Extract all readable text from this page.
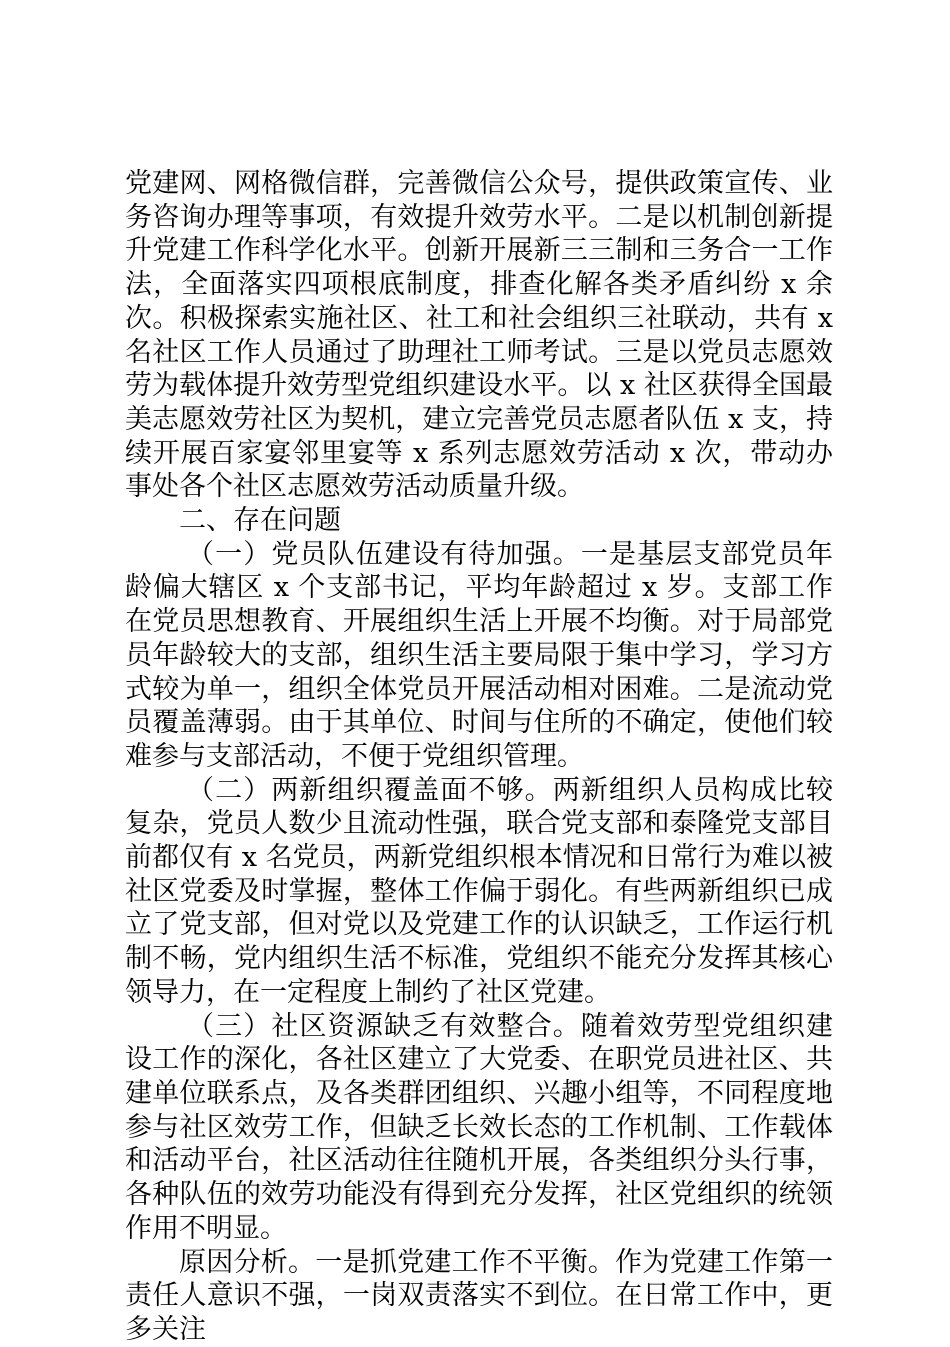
党建网、网格微信群，完善微信公众号，提供政策宣传、业务咨询办理等事项，有效提升效劳水平。二是以机制创新提升党建工作科学化水平。创新开展新三三制和三务合一工作法，全面落实四项根底制度，排查化解各类矛盾纠纷 x 余次。积极探索实施社区、社工和社会组织三社联动，共有 x 名社区工作人员通过了助理社工师考试。三是以党员志愿效劳为载体提升效劳型党组织建设水平。以 x 社区获得全国最美志愿效劳社区为契机，建立完善党员志愿者队伍 x 支，持续开展百家宴邻里宴等 x 系列志愿效劳活动 x 次，带动办事处各个社区志愿效劳活动质量升级。

二、存在问题

（一）党员队伍建设有待加强。一是基层支部党员年龄偏大辖区 x 个支部书记，平均年龄超过 x 岁。支部工作在党员思想教育、开展组织生活上开展不均衡。对于局部党员年龄较大的支部，组织生活主要局限于集中学习，学习方式较为单一，组织全体党员开展活动相对困难。二是流动党员覆盖薄弱。由于其单位、时间与住所的不确定，使他们较难参与支部活动，不便于党组织管理。

（二）两新组织覆盖面不够。两新组织人员构成比较复杂，党员人数少且流动性强，联合党支部和泰隆党支部目前都仅有 x 名党员，两新党组织根本情况和日常行为难以被社区党委及时掌握，整体工作偏于弱化。有些两新组织已成立了党支部，但对党以及党建工作的认识缺乏，工作运行机制不畅，党内组织生活不标准，党组织不能充分发挥其核心领导力，在一定程度上制约了社区党建。

（三）社区资源缺乏有效整合。随着效劳型党组织建设工作的深化，各社区建立了大党委、在职党员进社区、共建单位联系点，及各类群团组织、兴趣小组等，不同程度地参与社区效劳工作，但缺乏长效长态的工作机制、工作载体和活动平台，社区活动往往随机开展，各类组织分头行事，各种队伍的效劳功能没有得到充分发挥，社区党组织的统领作用不明显。

原因分析。一是抓党建工作不平衡。作为党建工作第一责任人意识不强，一岗双责落实不到位。在日常工作中，更多关注
